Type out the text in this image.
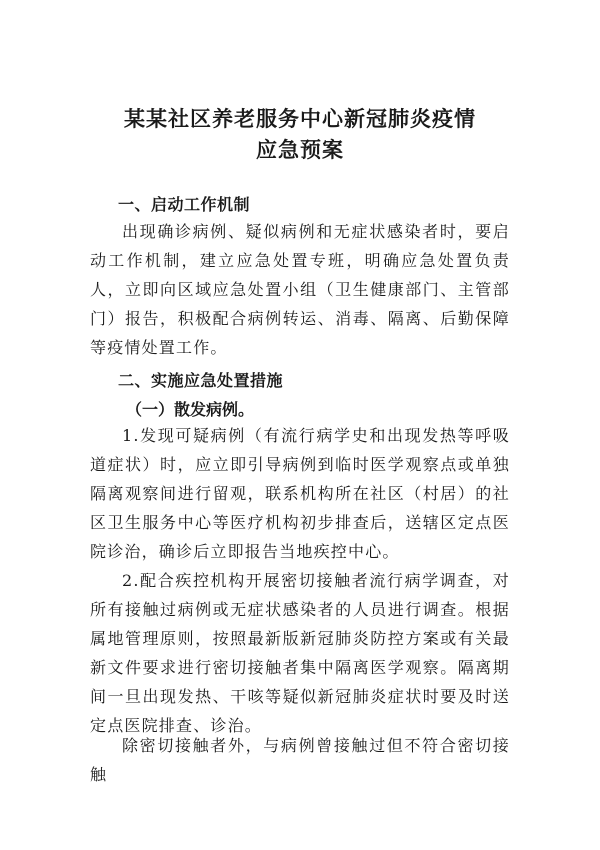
某某社区养老服务中心新冠肺炎疫情
应急预案
一、启动工作机制

出现确诊病例、疑似病例和无症状感染者时，要启动工作机制，建立应急处置专班，明确应急处置负责人，立即向区域应急处置小组（卫生健康部门、主管部门）报告，积极配合病例转运、消毒、隔离、后勤保障等疫情处置工作。

二、实施应急处置措施
（一）散发病例。

1.发现可疑病例（有流行病学史和出现发热等呼吸道症状）时，应立即引导病例到临时医学观察点或单独隔离观察间进行留观，联系机构所在社区（村居）的社区卫生服务中心等医疗机构初步排查后，送辖区定点医院诊治，确诊后立即报告当地疾控中心。

2.配合疾控机构开展密切接触者流行病学调查，对所有接触过病例或无症状感染者的人员进行调查。根据属地管理原则，按照最新版新冠肺炎防控方案或有关最新文件要求进行密切接触者集中隔离医学观察。隔离期间一旦出现发热、干咳等疑似新冠肺炎症状时要及时送定点医院排查、诊治。

除密切接触者外，与病例曾接触过但不符合密切接触
